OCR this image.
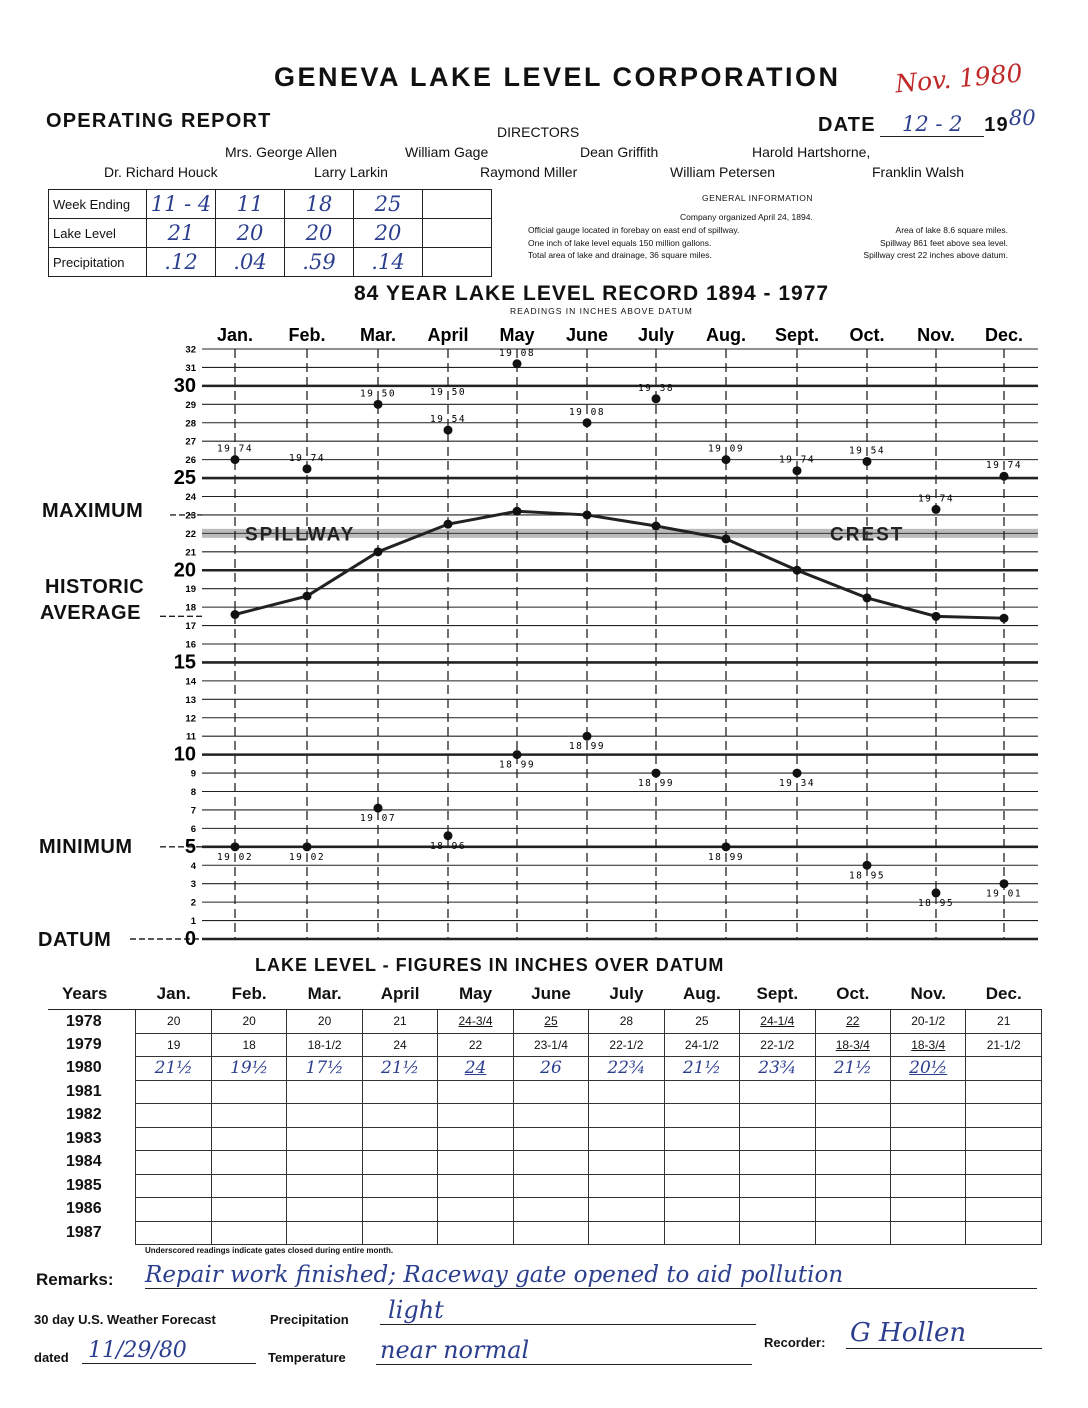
GENEVA LAKE LEVEL CORPORATION Nov. 1980
OPERATING REPORT	DIRECTORS	DATE 12 - 2 1980
Mrs. George Allen	William Gage	Dean Griffith	Harold Hartshorne,
Dr. Richard Houck	Larry Larkin	Raymond Miller	William Petersen	Franklin Walsh
Week Ending	11 - 4	11	18	25	
Lake Level	21	20	20	20	
Precipitation	.12	.04	.59	.14	
GENERAL INFORMATION
Company organized April 24, 1894.
Official gauge located in forebay on east end of spillway.
One inch of lake level equals 150 million gallons.
Total area of lake and drainage, 36 square miles.
Area of lake 8.6 square miles.
Spillway 861 feet above sea level.
Spillway crest 22 inches above datum.
84 YEAR LAKE LEVEL RECORD 1894 - 1977
READINGS IN INCHES ABOVE DATUM
SPILLWAY	CREST
Jan. Feb. Mar. April May June July Aug. Sept. Oct. Nov. Dec.
0
1
2
3
4
5
6
7
8
9
10
11
12
13
14
15
16
17
18
19
20
21
22
23
24
25
26
27
28
29
30
31
32
19 74
19 74
19 50
19 54
19 08
19 08
19 38
19 09
19 74
19 54
19 74
19 74
19 50
19 02	19 02
19 07
18 96
18 99
18 99
18 99
18 99
19 34
18 95
18 95
19 01
MAXIMUM
HISTORIC
AVERAGE
MINIMUM
DATUM
LAKE LEVEL - FIGURES IN INCHES OVER DATUM
Years	Jan.	Feb.	Mar.	April	May	June	July	Aug.	Sept.	Oct.	Nov.	Dec.
1978	20	20	20	21	24-3/4	25	28	25	24-1/4	22	20-1/2	21
1979	19	18	18-1/2	24	22	23-1/4	22-1/2	24-1/2	22-1/2	18-3/4	18-3/4	21-1/2
1980	21½	19½	17½	21½	24	26	22¾	21½	23¾	21½	20½	
1981												
1982												
1983												
1984												
1985												
1986												
1987												
Underscored readings indicate gates closed during entire month.
Remarks: Repair work finished; Raceway gate opened to aid pollution
30 day U.S. Weather Forecast	Precipitation	light
dated 11/29/80	Temperature near normal	Recorder: G Hollen
